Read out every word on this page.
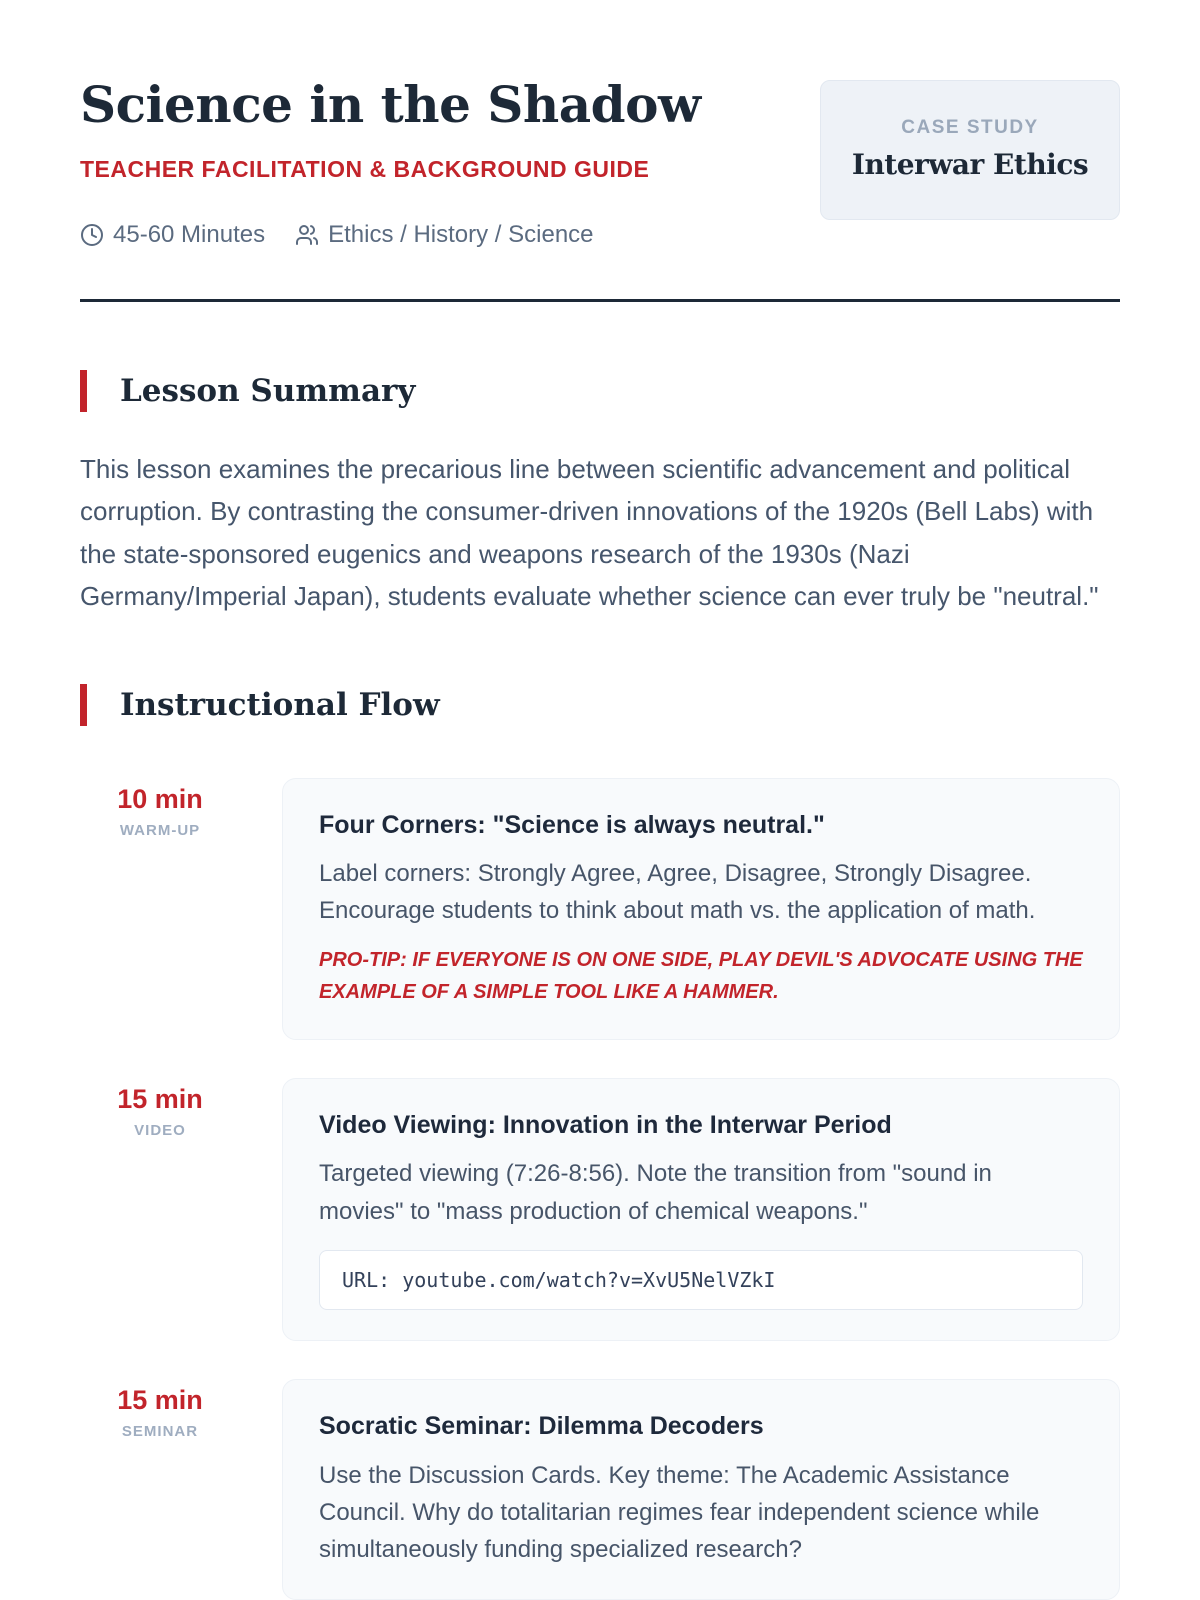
Science in the Shadow
TEACHER FACILITATION & BACKGROUND GUIDE
45-60 Minutes	Ethics / History / Science
CASE STUDY
Interwar Ethics
Lesson Summary

This lesson examines the precarious line between scientific advancement and political corruption. By contrasting the consumer-driven innovations of the 1920s (Bell Labs) with the state-sponsored eugenics and weapons research of the 1930s (Nazi Germany/Imperial Japan), students evaluate whether science can ever truly be "neutral."

Instructional Flow
10 min
WARM-UP	Four Corners: "Science is always neutral."

Label corners: Strongly Agree, Agree, Disagree, Strongly Disagree. Encourage students to think about math vs. the application of math.

PRO-TIP: IF EVERYONE IS ON ONE SIDE, PLAY DEVIL'S ADVOCATE USING THE EXAMPLE OF A SIMPLE TOOL LIKE A HAMMER.

15 min
VIDEO	Video Viewing: Innovation in the Interwar Period

Targeted viewing (7:26-8:56). Note the transition from "sound in movies" to "mass production of chemical weapons."

URL: youtube.com/watch?v=XvU5NelVZkI
15 min
SEMINAR	Socratic Seminar: Dilemma Decoders

Use the Discussion Cards. Key theme: The Academic Assistance Council. Why do totalitarian regimes fear independent science while simultaneously funding specialized research?
